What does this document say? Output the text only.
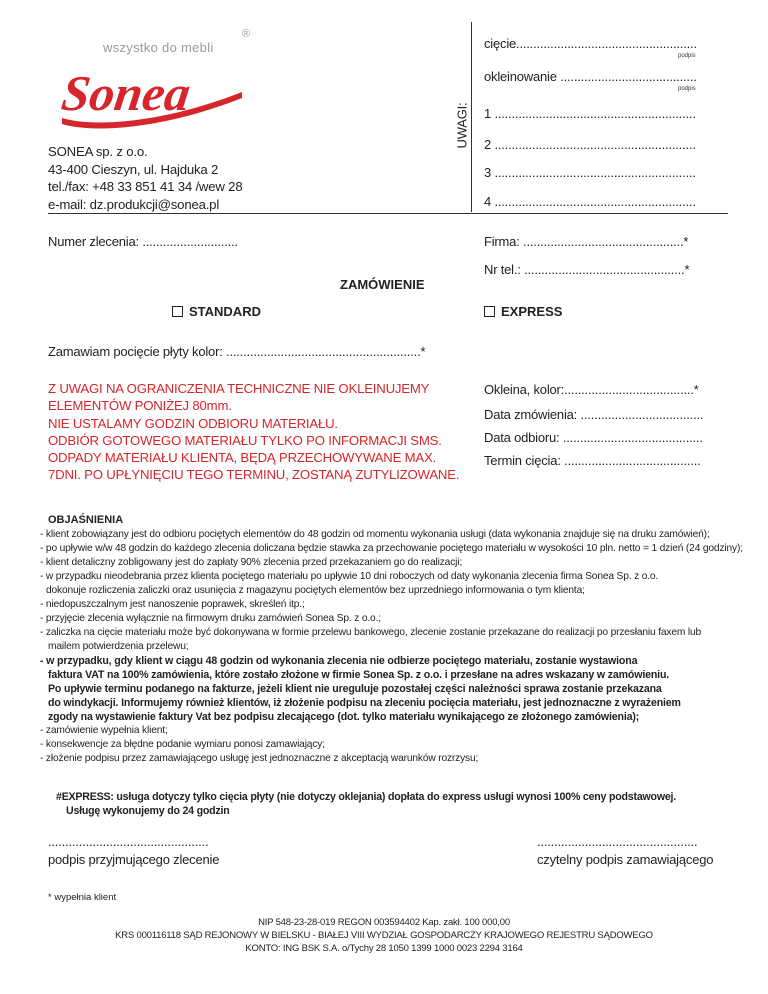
wszystko do mebli
®
Sonea
SONEA sp. z o.o.
43-400 Cieszyn, ul. Hajduka 2
tel./fax: +48 33 851 41 34 /wew 28
e-mail: dz.produkcji@sonea.pl
UWAGI:
cięcie.....................................................
podpis
okleinowanie ........................................
podpis
1 ...........................................................
2 ...........................................................
3 ...........................................................
4 ...........................................................
Numer zlecenia: ............................	Firma: ...............................................*
Nr tel.: ...............................................*
ZAMÓWIENIE
STANDARD	EXPRESS
Zamawiam pocięcie płyty kolor: .........................................................*
Z UWAGI NA OGRANICZENIA TECHNICZNE NIE OKLEINUJEMY
ELEMENTÓW PONIŻEJ 80mm.
NIE USTALAMY GODZIN ODBIORU MATERIAŁU.
ODBIÓR GOTOWEGO MATERIAŁU TYLKO PO INFORMACJI SMS.
ODPADY MATERIAŁU KLIENTA, BĘDĄ PRZECHOWYWANE MAX.
7DNI. PO UPŁYNIĘCIU TEGO TERMINU, ZOSTANĄ ZUTYLIZOWANE.
Okleina, kolor:......................................*
Data zmówienia: ....................................
Data odbioru: .........................................
Termin cięcia: ........................................
OBJAŚNIENIA
- klient zobowiązany jest do odbioru pociętych elementów do 48 godzin od momentu wykonania usługi (data wykonania znajduje się na druku zamówień);
- po upływie w/w 48 godzin do każdego zlecenia doliczana będzie stawka za przechowanie pociętego materiału w wysokości 10 pln. netto = 1 dzień (24 godziny);
- klient detaliczny zobligowany jest do zapłaty 90% zlecenia przed przekazaniem go do realizacji;
- w przypadku nieodebrania przez klienta pociętego materiału po upływie 10 dni roboczych od daty wykonania zlecenia firma Sonea Sp. z o.o.
dokonuje rozliczenia zaliczki oraz usunięcia z magazynu pociętych elementów bez uprzedniego informowania o tym klienta;
- niedopuszczalnym jest nanoszenie poprawek, skreśleń itp.;
- przyjęcie zlecenia wyłącznie na firmowym druku zamówień Sonea Sp. z o.o.;
- zaliczka na cięcie materiału może być dokonywana w formie przelewu bankowego, zlecenie zostanie przekazane do realizacji po przesłaniu faxem lub
mailem potwierdzenia przelewu;
- w przypadku, gdy klient w ciągu 48 godzin od wykonania zlecenia nie odbierze pociętego materiału, zostanie wystawiona
faktura VAT na 100% zamówienia, które zostało złożone w firmie Sonea Sp. z o.o. i przesłane na adres wskazany w zamówieniu.
Po upływie terminu podanego na fakturze, jeżeli klient nie ureguluje pozostałej części należności sprawa zostanie przekazana
do windykacji. Informujemy również klientów, iż złożenie podpisu na zleceniu pocięcia materiału, jest jednoznaczne z wyrażeniem
zgody na wystawienie faktury Vat bez podpisu zlecającego (dot. tylko materiału wynikającego ze złożonego zamówienia);
- zamówienie wypełnia klient;
- konsekwencje za błędne podanie wymiaru ponosi zamawiający;
- złożenie podpisu przez zamawiającego usługę jest jednoznaczne z akceptacją warunków rozrzysu;
#EXPRESS: usługa dotyczy tylko cięcia płyty (nie dotyczy oklejania) dopłata do express usługi wynosi 100% ceny podstawowej.
Usługę wykonujemy do 24 godzin
...............................................
podpis przyjmującego zlecenie
...............................................
czytelny podpis zamawiającego
* wypełnia klient
NIP 548-23-28-019 REGON 003594402 Kap. zakł. 100 000,00
KRS 000116118 SĄD REJONOWY W BIELSKU - BIAŁEJ VIII WYDZIAŁ GOSPODARCZY KRAJOWEGO REJESTRU SĄDOWEGO
KONTO: ING BSK S.A. o/Tychy 28 1050 1399 1000 0023 2294 3164
